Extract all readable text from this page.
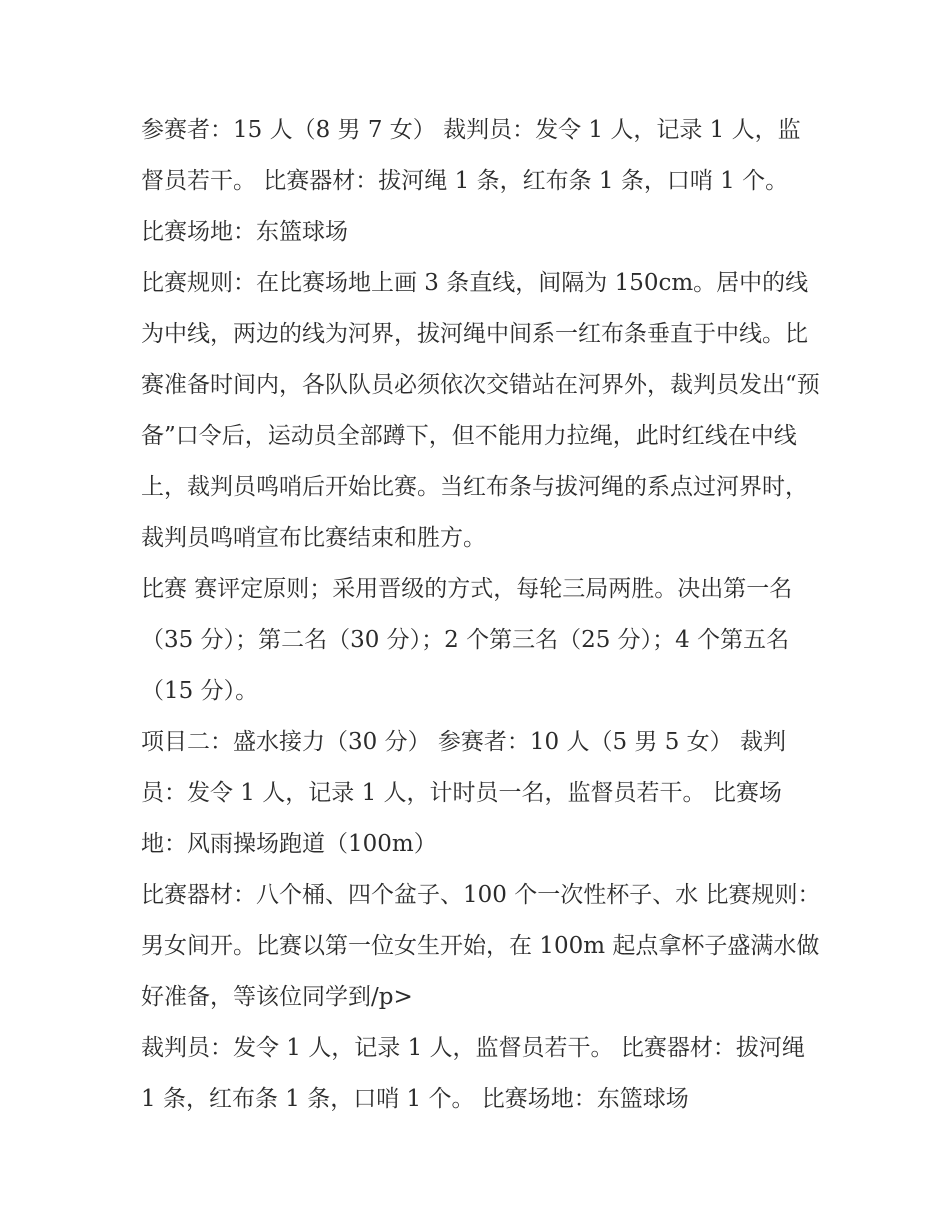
参赛者：15 人（8 男 7 女） 裁判员：发令 1 人，记录 1 人，监督员若干。 比赛器材：拔河绳 1 条，红布条 1 条，口哨 1 个。

比赛场地：东篮球场

比赛规则：在比赛场地上画 3 条直线，间隔为 150cm。居中的线为中线，两边的线为河界，拔河绳中间系一红布条垂直于中线。比赛准备时间内，各队队员必须依次交错站在河界外，裁判员发出“预备”口令后，运动员全部蹲下，但不能用力拉绳，此时红线在中线上，裁判员鸣哨后开始比赛。当红布条与拔河绳的系点过河界时，裁判员鸣哨宣布比赛结束和胜方。

比赛 赛评定原则；采用晋级的方式，每轮三局两胜。决出第一名（35 分）；第二名（30 分）；2 个第三名（25 分）；4 个第五名（15 分）。

项目二：盛水接力（30 分） 参赛者：10 人（5 男 5 女） 裁判员：发令 1 人，记录 1 人，计时员一名，监督员若干。 比赛场地：风雨操场跑道（100m）

比赛器材：八个桶、四个盆子、100 个一次性杯子、水 比赛规则：男女间开。比赛以第一位女生开始，在 100m 起点拿杯子盛满水做好准备，等该位同学到/p>

裁判员：发令 1 人，记录 1 人，监督员若干。 比赛器材：拔河绳 1 条，红布条 1 条，口哨 1 个。 比赛场地：东篮球场
